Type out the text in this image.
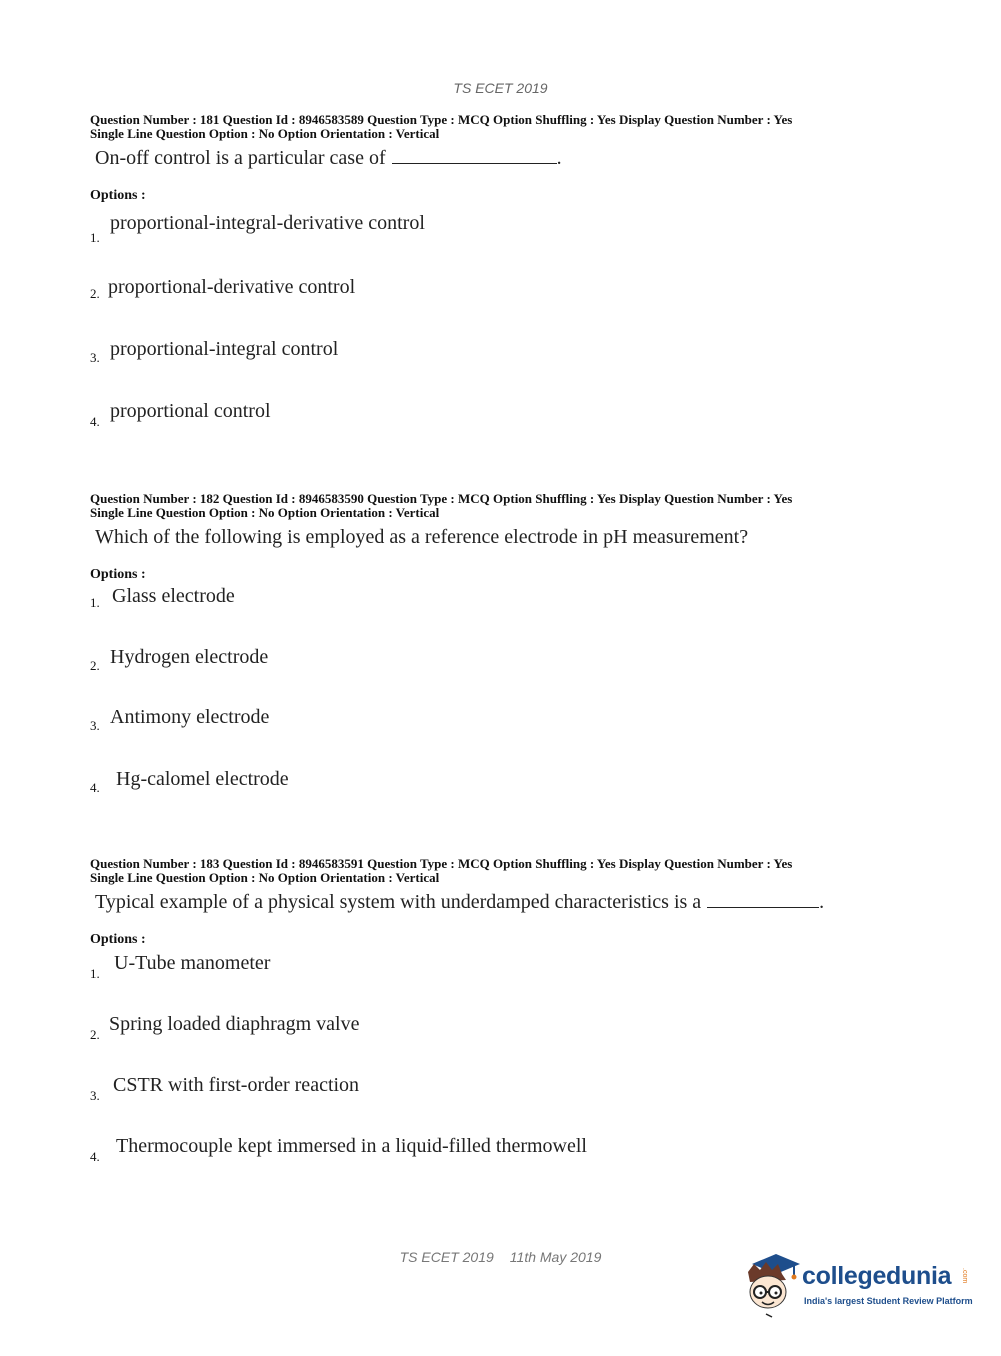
TS ECET 2019
Question Number : 181 Question Id : 8946583589 Question Type : MCQ Option Shuffling : Yes Display Question Number : Yes
Single Line Question Option : No Option Orientation : Vertical
On-off control is a particular case of	.
Options :
1.
proportional-integral-derivative control
2. proportional-derivative control
3. proportional-integral control
4. proportional control
Question Number : 182 Question Id : 8946583590 Question Type : MCQ Option Shuffling : Yes Display Question Number : Yes
Single Line Question Option : No Option Orientation : Vertical
Which of the following is employed as a reference electrode in pH measurement?
Options :
1. Glass electrode
2. Hydrogen electrode
3. Antimony electrode
4. Hg-calomel electrode
Question Number : 183 Question Id : 8946583591 Question Type : MCQ Option Shuffling : Yes Display Question Number : Yes
Single Line Question Option : No Option Orientation : Vertical
Typical example of a physical system with underdamped characteristics is a	.
Options :
1. U-Tube manometer
2. Spring loaded diaphragm valve
3. CSTR with first-order reaction
4. Thermocouple kept immersed in a liquid-filled thermowell
TS ECET 2019 11th May 2019
collegedunia .com
India's largest Student Review Platform
